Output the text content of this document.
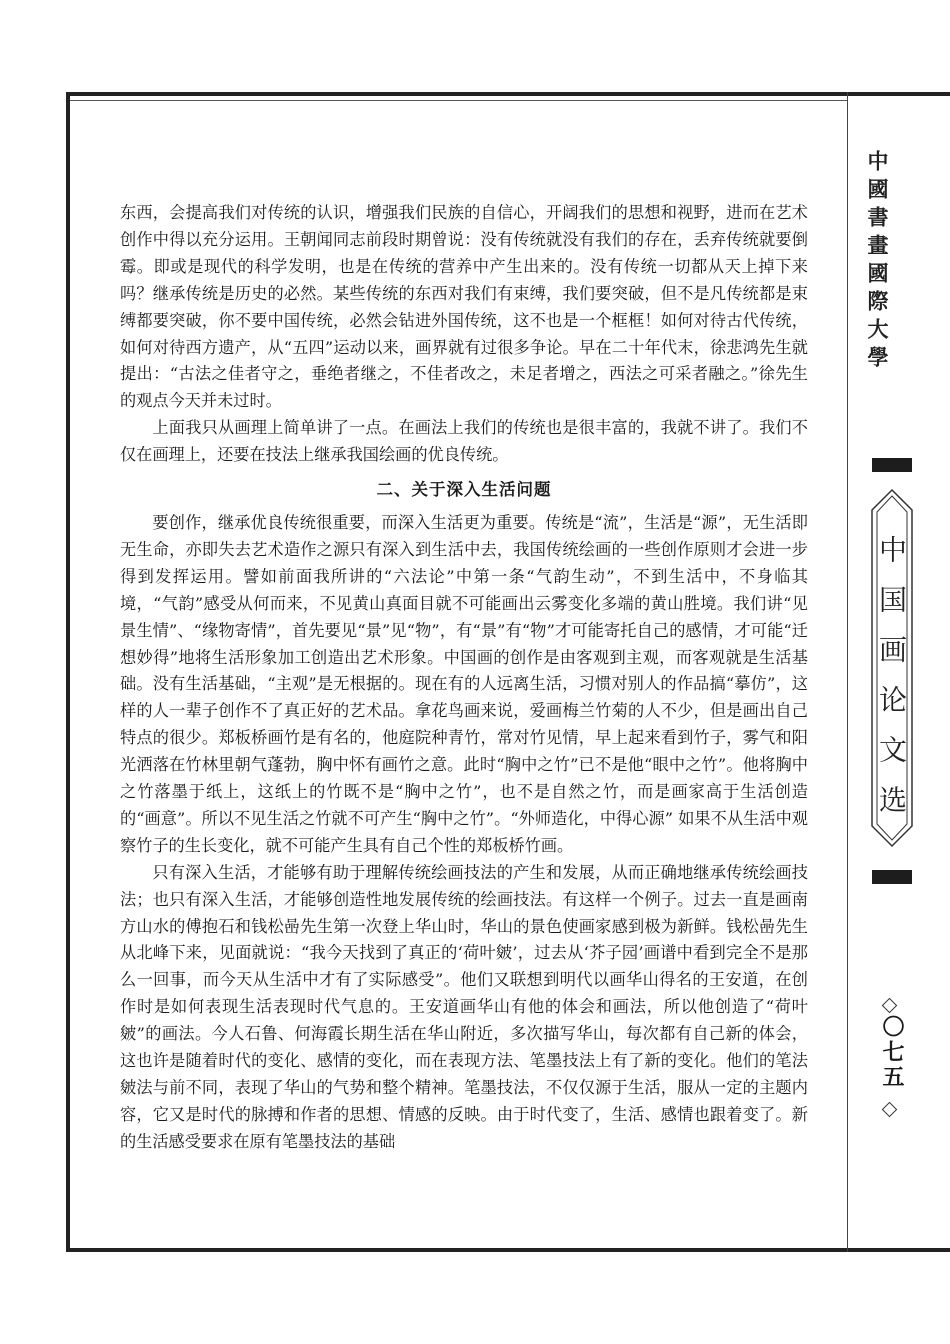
中國書畫國際大學
中国画论文选
〇七五

东西，会提高我们对传统的认识，增强我们民族的自信心，开阔我们的思想和视野，进而在艺术创作中得以充分运用。王朝闻同志前段时期曾说：没有传统就没有我们的存在，丢弃传统就要倒霉。即或是现代的科学发明，也是在传统的营养中产生出来的。没有传统一切都从天上掉下来吗？继承传统是历史的必然。某些传统的东西对我们有束缚，我们要突破，但不是凡传统都是束缚都要突破，你不要中国传统，必然会钻进外国传统，这不也是一个框框！如何对待古代传统，如何对待西方遗产，从“五四”运动以来，画界就有过很多争论。早在二十年代末，徐悲鸿先生就提出：“古法之佳者守之，垂绝者继之，不佳者改之，未足者增之，西法之可采者融之。”徐先生的观点今天并未过时。

上面我只从画理上简单讲了一点。在画法上我们的传统也是很丰富的，我就不讲了。我们不仅在画理上，还要在技法上继承我国绘画的优良传统。

二、关于深入生活问题

要创作，继承优良传统很重要，而深入生活更为重要。传统是“流”，生活是“源”，无生活即无生命，亦即失去艺术造作之源只有深入到生活中去，我国传统绘画的一些创作原则才会进一步得到发挥运用。譬如前面我所讲的“六法论”中第一条“气韵生动”，不到生活中，不身临其境，“气韵”感受从何而来，不见黄山真面目就不可能画出云雾变化多端的黄山胜境。我们讲“见景生情”、“缘物寄情”，首先要见“景”见“物”，有“景”有“物”才可能寄托自己的感情，才可能“迁想妙得”地将生活形象加工创造出艺术形象。中国画的创作是由客观到主观，而客观就是生活基础。没有生活基础，“主观”是无根据的。现在有的人远离生活，习惯对别人的作品搞“摹仿”，这样的人一辈子创作不了真正好的艺术品。拿花鸟画来说，爱画梅兰竹菊的人不少，但是画出自己特点的很少。郑板桥画竹是有名的，他庭院种青竹，常对竹见情，早上起来看到竹子，雾气和阳光洒落在竹林里朝气蓬勃，胸中怀有画竹之意。此时“胸中之竹”已不是他“眼中之竹”。他将胸中之竹落墨于纸上，这纸上的竹既不是“胸中之竹”，也不是自然之竹，而是画家高于生活创造的“画意”。所以不见生活之竹就不可产生“胸中之竹”。“外师造化，中得心源” 如果不从生活中观察竹子的生长变化，就不可能产生具有自己个性的郑板桥竹画。

只有深入生活，才能够有助于理解传统绘画技法的产生和发展，从而正确地继承传统绘画技法；也只有深入生活，才能够创造性地发展传统的绘画技法。有这样一个例子。过去一直是画南方山水的傅抱石和钱松喦先生第一次登上华山时，华山的景色使画家感到极为新鲜。钱松喦先生从北峰下来，见面就说：“我今天找到了真正的‘荷叶皴’，过去从‘芥子园’画谱中看到完全不是那么一回事，而今天从生活中才有了实际感受”。他们又联想到明代以画华山得名的王安道，在创作时是如何表现生活表现时代气息的。王安道画华山有他的体会和画法，所以他创造了“荷叶皴”的画法。今人石鲁、何海霞长期生活在华山附近，多次描写华山，每次都有自己新的体会，这也许是随着时代的变化、感情的变化，而在表现方法、笔墨技法上有了新的变化。他们的笔法皴法与前不同，表现了华山的气势和整个精神。笔墨技法，不仅仅源于生活，服从一定的主题内容，它又是时代的脉搏和作者的思想、情感的反映。由于时代变了，生活、感情也跟着变了。新的生活感受要求在原有笔墨技法的基础
